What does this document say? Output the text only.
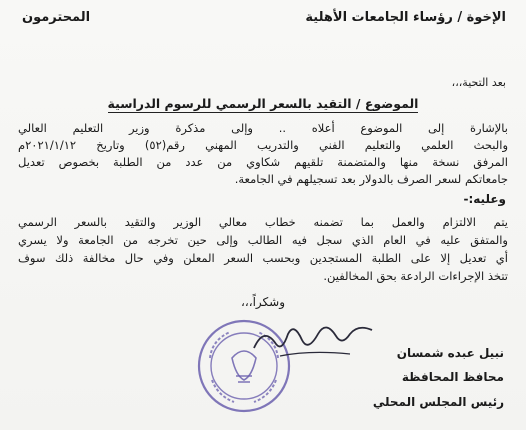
الإخوة / رؤساء الجامعات الأهلية
المحترمون
بعد التحية،،،
الموضوع / التقيد بالسعر الرسمي للرسوم الدراسية
بالإشارة إلى الموضوع أعلاه .. وإلى مذكرة وزير التعليم العالي
والبحث العلمي والتعليم الفني والتدريب المهني رقم(٥٢) وتاريخ ٢٠٢١/١/١٢م
المرفق نسخة منها والمتضمنة تلقيهم شكاوي من عدد من الطلبة بخصوص تعديل
جامعاتكم لسعر الصرف بالدولار بعد تسجيلهم في الجامعة.
وعليه:-
يتم الالتزام والعمل بما تضمنه خطاب معالي الوزير والتقيد بالسعر الرسمي
والمتفق عليه في العام الذي سجل فيه الطالب وإلى حين تخرجه من الجامعة ولا يسري
أي تعديل إلا على الطلبة المستجدين وبحسب السعر المعلن وفي حال مخالفة ذلك سوف
تتخذ الإجراءات الرادعة بحق المخالفين.
وشكراً،،،
نبيل عبده شمسان
محافظ المحافظة
رئيس المجلس المحلي
